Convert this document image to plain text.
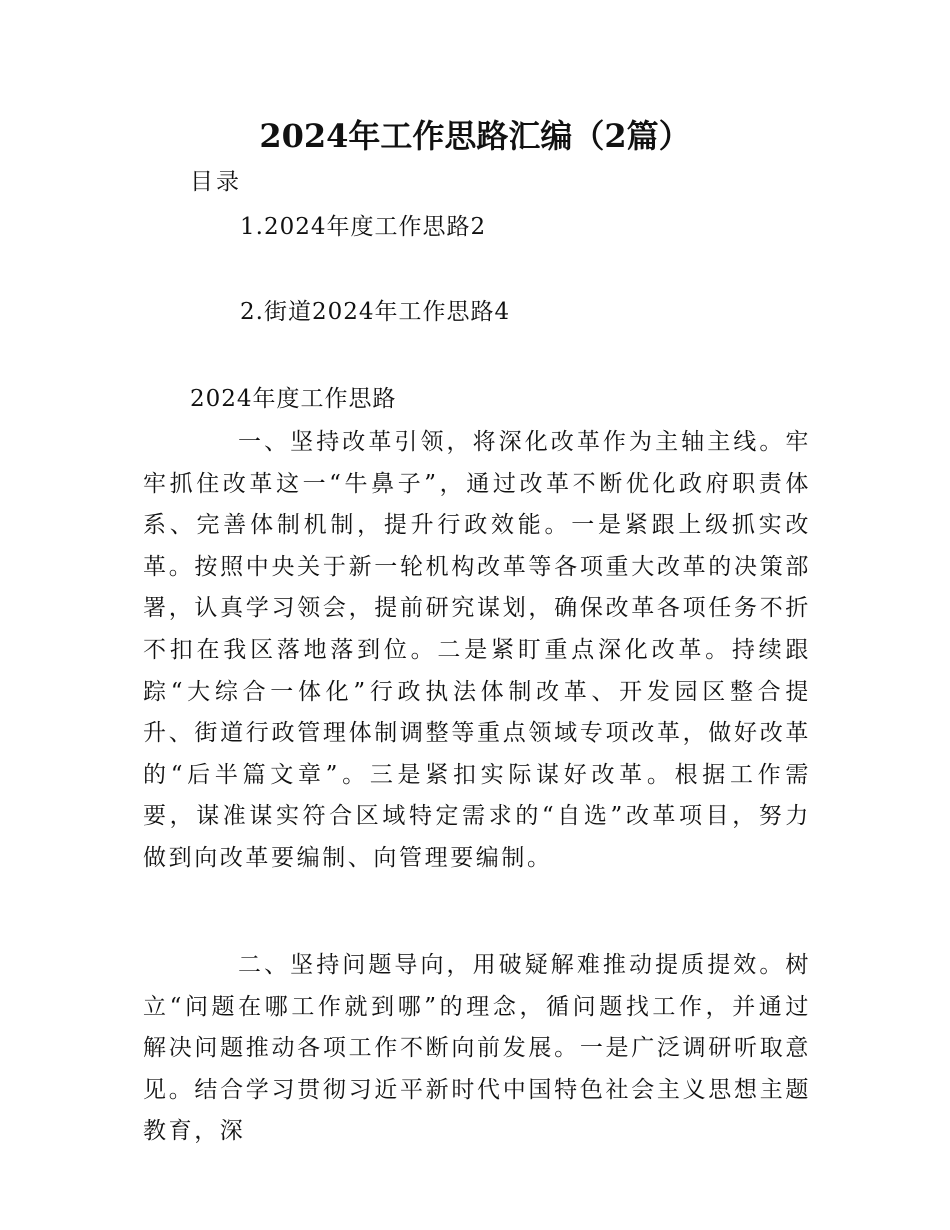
2024年工作思路汇编（2篇）
目录
1.2024年度工作思路2
2.街道2024年工作思路4
2024年度工作思路

一、坚持改革引领，将深化改革作为主轴主线。牢牢抓住改革这一“牛鼻子”，通过改革不断优化政府职责体系、完善体制机制，提升行政效能。一是紧跟上级抓实改革。按照中央关于新一轮机构改革等各项重大改革的决策部署，认真学习领会，提前研究谋划，确保改革各项任务不折不扣在我区落地落到位。二是紧盯重点深化改革。持续跟踪“大综合一体化”行政执法体制改革、开发园区整合提升、街道行政管理体制调整等重点领域专项改革，做好改革的“后半篇文章”。三是紧扣实际谋好改革。根据工作需要，谋准谋实符合区域特定需求的“自选”改革项目，努力做到向改革要编制、向管理要编制。

二、坚持问题导向，用破疑解难推动提质提效。树立“问题在哪工作就到哪”的理念，循问题找工作，并通过解决问题推动各项工作不断向前发展。一是广泛调研听取意见。结合学习贯彻习近平新时代中国特色社会主义思想主题教育，深
